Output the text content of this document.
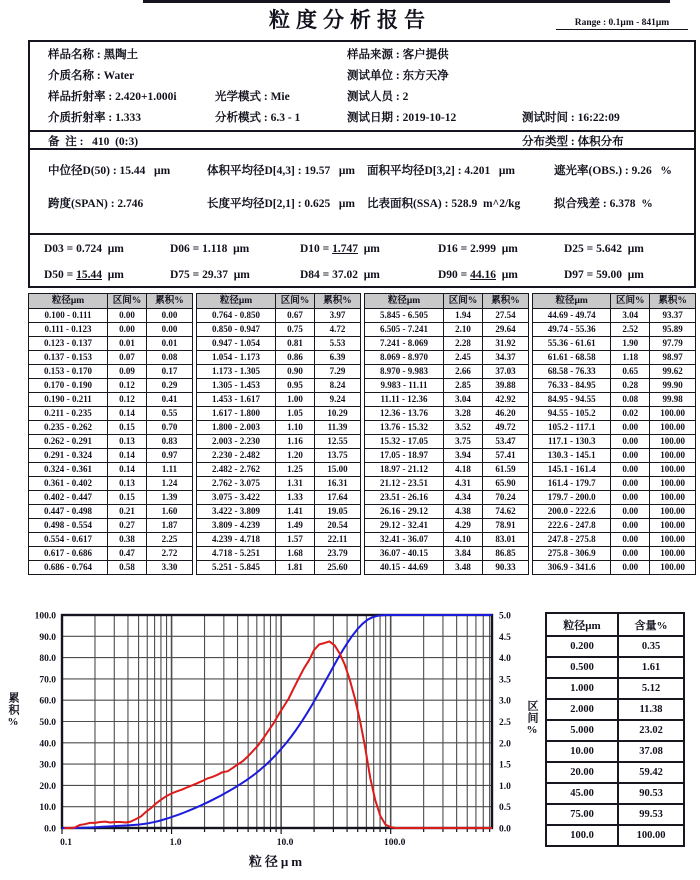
粒度分析报告	Range : 0.1μm - 841μm
样品名称 : 黑陶土	样品来源 : 客户提供
介质名称 : Water	测试单位 : 东方天净
样品折射率 : 2.420+1.000i	光学模式 : Mie	测试人员 : 2
介质折射率 : 1.333	分析模式 : 6.3 - 1	测试日期 : 2019-10-12	测试时间 : 16:22:09
备  注 :   410  (0:3)	分布类型 : 体积分布
中位径D(50) : 15.44   μm	体积平均径D[4,3] : 19.57   μm 面积平均径D[3,2] : 4.201   μm	遮光率(OBS.) : 9.26   %
跨度(SPAN) : 2.746	长度平均径D[2,1] : 0.625   μm 比表面积(SSA) : 528.9  m^2/kg	拟合残差 : 6.378  %
D03 = 0.724  μm	D06 = 1.118  μm	D10 = 1.747  μm	D16 = 2.999  μm	D25 = 5.642  μm
D50 = 15.44  μm	D75 = 29.37  μm	D84 = 37.02  μm	D90 = 44.16  μm	D97 = 59.00  μm
粒径μm	区间%	累积%
0.100 - 0.111	0.00	0.00
0.111 - 0.123	0.00	0.00
0.123 - 0.137	0.01	0.01
0.137 - 0.153	0.07	0.08
0.153 - 0.170	0.09	0.17
0.170 - 0.190	0.12	0.29
0.190 - 0.211	0.12	0.41
0.211 - 0.235	0.14	0.55
0.235 - 0.262	0.15	0.70
0.262 - 0.291	0.13	0.83
0.291 - 0.324	0.14	0.97
0.324 - 0.361	0.14	1.11
0.361 - 0.402	0.13	1.24
0.402 - 0.447	0.15	1.39
0.447 - 0.498	0.21	1.60
0.498 - 0.554	0.27	1.87
0.554 - 0.617	0.38	2.25
0.617 - 0.686	0.47	2.72
0.686 - 0.764	0.58	3.30
粒径μm	区间%	累积%
0.764 - 0.850	0.67	3.97
0.850 - 0.947	0.75	4.72
0.947 - 1.054	0.81	5.53
1.054 - 1.173	0.86	6.39
1.173 - 1.305	0.90	7.29
1.305 - 1.453	0.95	8.24
1.453 - 1.617	1.00	9.24
1.617 - 1.800	1.05	10.29
1.800 - 2.003	1.10	11.39
2.003 - 2.230	1.16	12.55
2.230 - 2.482	1.20	13.75
2.482 - 2.762	1.25	15.00
2.762 - 3.075	1.31	16.31
3.075 - 3.422	1.33	17.64
3.422 - 3.809	1.41	19.05
3.809 - 4.239	1.49	20.54
4.239 - 4.718	1.57	22.11
4.718 - 5.251	1.68	23.79
5.251 - 5.845	1.81	25.60
粒径μm	区间%	累积%
5.845 - 6.505	1.94	27.54
6.505 - 7.241	2.10	29.64
7.241 - 8.069	2.28	31.92
8.069 - 8.970	2.45	34.37
8.970 - 9.983	2.66	37.03
9.983 - 11.11	2.85	39.88
11.11 - 12.36	3.04	42.92
12.36 - 13.76	3.28	46.20
13.76 - 15.32	3.52	49.72
15.32 - 17.05	3.75	53.47
17.05 - 18.97	3.94	57.41
18.97 - 21.12	4.18	61.59
21.12 - 23.51	4.31	65.90
23.51 - 26.16	4.34	70.24
26.16 - 29.12	4.38	74.62
29.12 - 32.41	4.29	78.91
32.41 - 36.07	4.10	83.01
36.07 - 40.15	3.84	86.85
40.15 - 44.69	3.48	90.33
粒径μm	区间%	累积%
44.69 - 49.74	3.04	93.37
49.74 - 55.36	2.52	95.89
55.36 - 61.61	1.90	97.79
61.61 - 68.58	1.18	98.97
68.58 - 76.33	0.65	99.62
76.33 - 84.95	0.28	99.90
84.95 - 94.55	0.08	99.98
94.55 - 105.2	0.02	100.00
105.2 - 117.1	0.00	100.00
117.1 - 130.3	0.00	100.00
130.3 - 145.1	0.00	100.00
145.1 - 161.4	0.00	100.00
161.4 - 179.7	0.00	100.00
179.7 - 200.0	0.00	100.00
200.0 - 222.6	0.00	100.00
222.6 - 247.8	0.00	100.00
247.8 - 275.8	0.00	100.00
275.8 - 306.9	0.00	100.00
306.9 - 341.6	0.00	100.00
100.0
90.0
80.0
70.0
60.0
50.0
40.0
30.0
20.0
10.0
0.0
5.0
4.5
4.0
3.5
3.0
2.5
2.0
1.5
1.0
0.5
0.0
0.1	1.0	10.0	100.0
粒径μm
累积%	区间%
粒径μm	含量%
0.200	0.35
0.500	1.61
1.000	5.12
2.000	11.38
5.000	23.02
10.00	37.08
20.00	59.42
45.00	90.53
75.00	99.53
100.0	100.00
